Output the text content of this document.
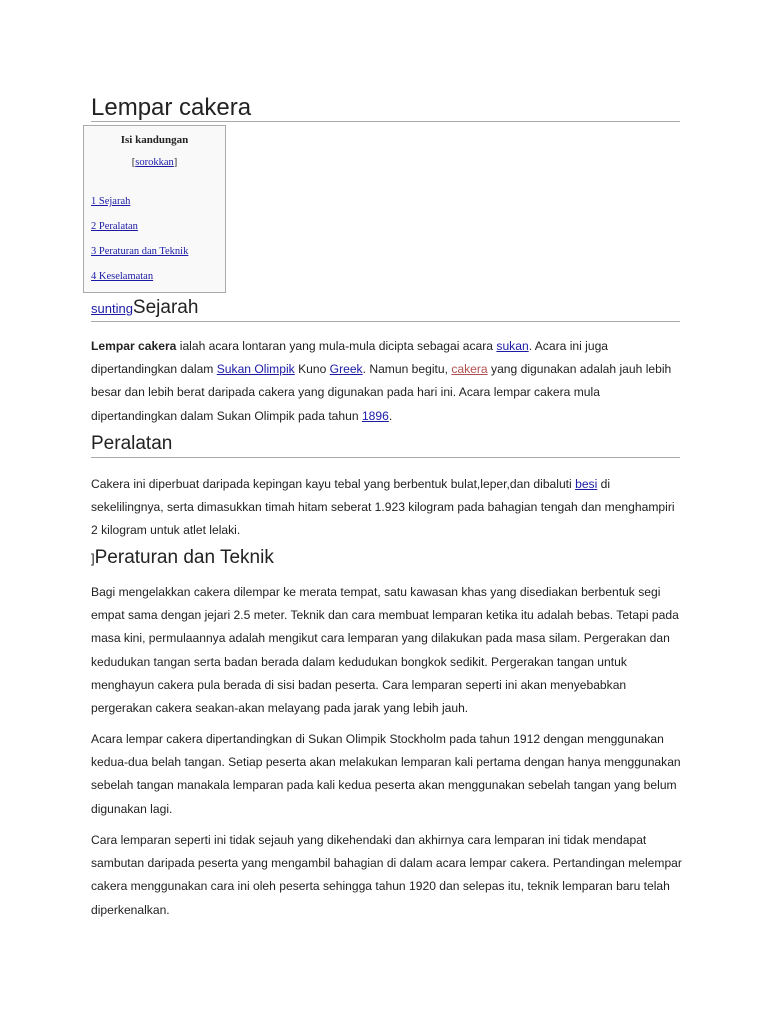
Lempar cakera
Isi kandungan
[sorokkan]
1 Sejarah
2 Peralatan
3 Peraturan dan Teknik
4 Keselamatan
suntingSejarah

Lempar cakera ialah acara lontaran yang mula-mula dicipta sebagai acara sukan. Acara ini juga dipertandingkan dalam Sukan Olimpik Kuno Greek. Namun begitu, cakera yang digunakan adalah jauh lebih besar dan lebih berat daripada cakera yang digunakan pada hari ini. Acara lempar cakera mula dipertandingkan dalam Sukan Olimpik pada tahun 1896.

Peralatan

Cakera ini diperbuat daripada kepingan kayu tebal yang berbentuk bulat,leper,dan dibaluti besi di sekelilingnya, serta dimasukkan timah hitam seberat 1.923 kilogram pada bahagian tengah dan menghampiri 2 kilogram untuk atlet lelaki.

]Peraturan dan Teknik

Bagi mengelakkan cakera dilempar ke merata tempat, satu kawasan khas yang disediakan berbentuk segi empat sama dengan jejari 2.5 meter. Teknik dan cara membuat lemparan ketika itu adalah bebas. Tetapi pada masa kini, permulaannya adalah mengikut cara lemparan yang dilakukan pada masa silam. Pergerakan dan kedudukan tangan serta badan berada dalam kedudukan bongkok sedikit. Pergerakan tangan untuk menghayun cakera pula berada di sisi badan peserta. Cara lemparan seperti ini akan menyebabkan pergerakan cakera seakan-akan melayang pada jarak yang lebih jauh.

Acara lempar cakera dipertandingkan di Sukan Olimpik Stockholm pada tahun 1912 dengan menggunakan kedua-dua belah tangan. Setiap peserta akan melakukan lemparan kali pertama dengan hanya menggunakan sebelah tangan manakala lemparan pada kali kedua peserta akan menggunakan sebelah tangan yang belum digunakan lagi.

Cara lemparan seperti ini tidak sejauh yang dikehendaki dan akhirnya cara lemparan ini tidak mendapat sambutan daripada peserta yang mengambil bahagian di dalam acara lempar cakera. Pertandingan melempar cakera menggunakan cara ini oleh peserta sehingga tahun 1920 dan selepas itu, teknik lemparan baru telah diperkenalkan.
